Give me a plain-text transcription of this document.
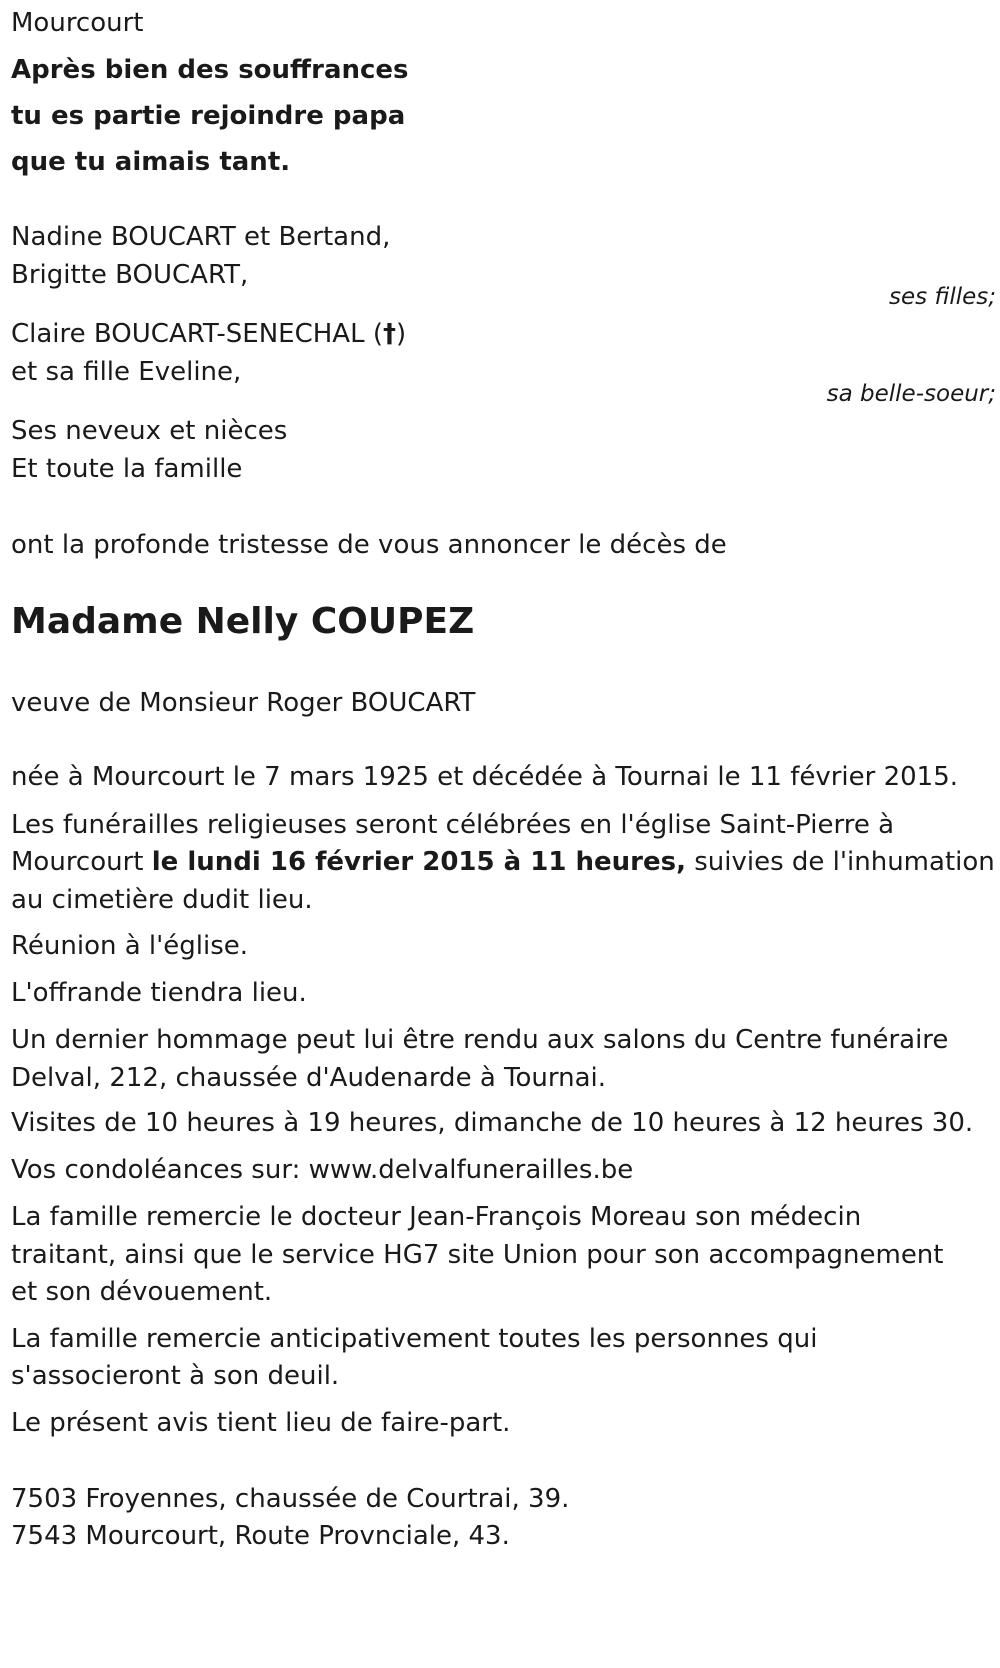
Mourcourt
Après bien des souffrances
tu es partie rejoindre papa
que tu aimais tant.
Nadine BOUCART et Bertand,
Brigitte BOUCART,
ses filles;
Claire BOUCART-SENECHAL (†)
et sa fille Eveline,
sa belle-soeur;
Ses neveux et nièces
Et toute la famille
ont la profonde tristesse de vous annoncer le décès de
Madame Nelly COUPEZ
veuve de Monsieur Roger BOUCART
née à Mourcourt le 7 mars 1925 et décédée à Tournai le 11 février 2015.
Les funérailles religieuses seront célébrées en l'église Saint-Pierre à
Mourcourt le lundi 16 février 2015 à 11 heures, suivies de l'inhumation
au cimetière dudit lieu.
Réunion à l'église.
L'offrande tiendra lieu.
Un dernier hommage peut lui être rendu aux salons du Centre funéraire
Delval, 212, chaussée d'Audenarde à Tournai.
Visites de 10 heures à 19 heures, dimanche de 10 heures à 12 heures 30.
Vos condoléances sur: www.delvalfunerailles.be
La famille remercie le docteur Jean-François Moreau son médecin
traitant, ainsi que le service HG7 site Union pour son accompagnement
et son dévouement.
La famille remercie anticipativement toutes les personnes qui
s'associeront à son deuil.
Le présent avis tient lieu de faire-part.
7503 Froyennes, chaussée de Courtrai, 39.
7543 Mourcourt, Route Provnciale, 43.
